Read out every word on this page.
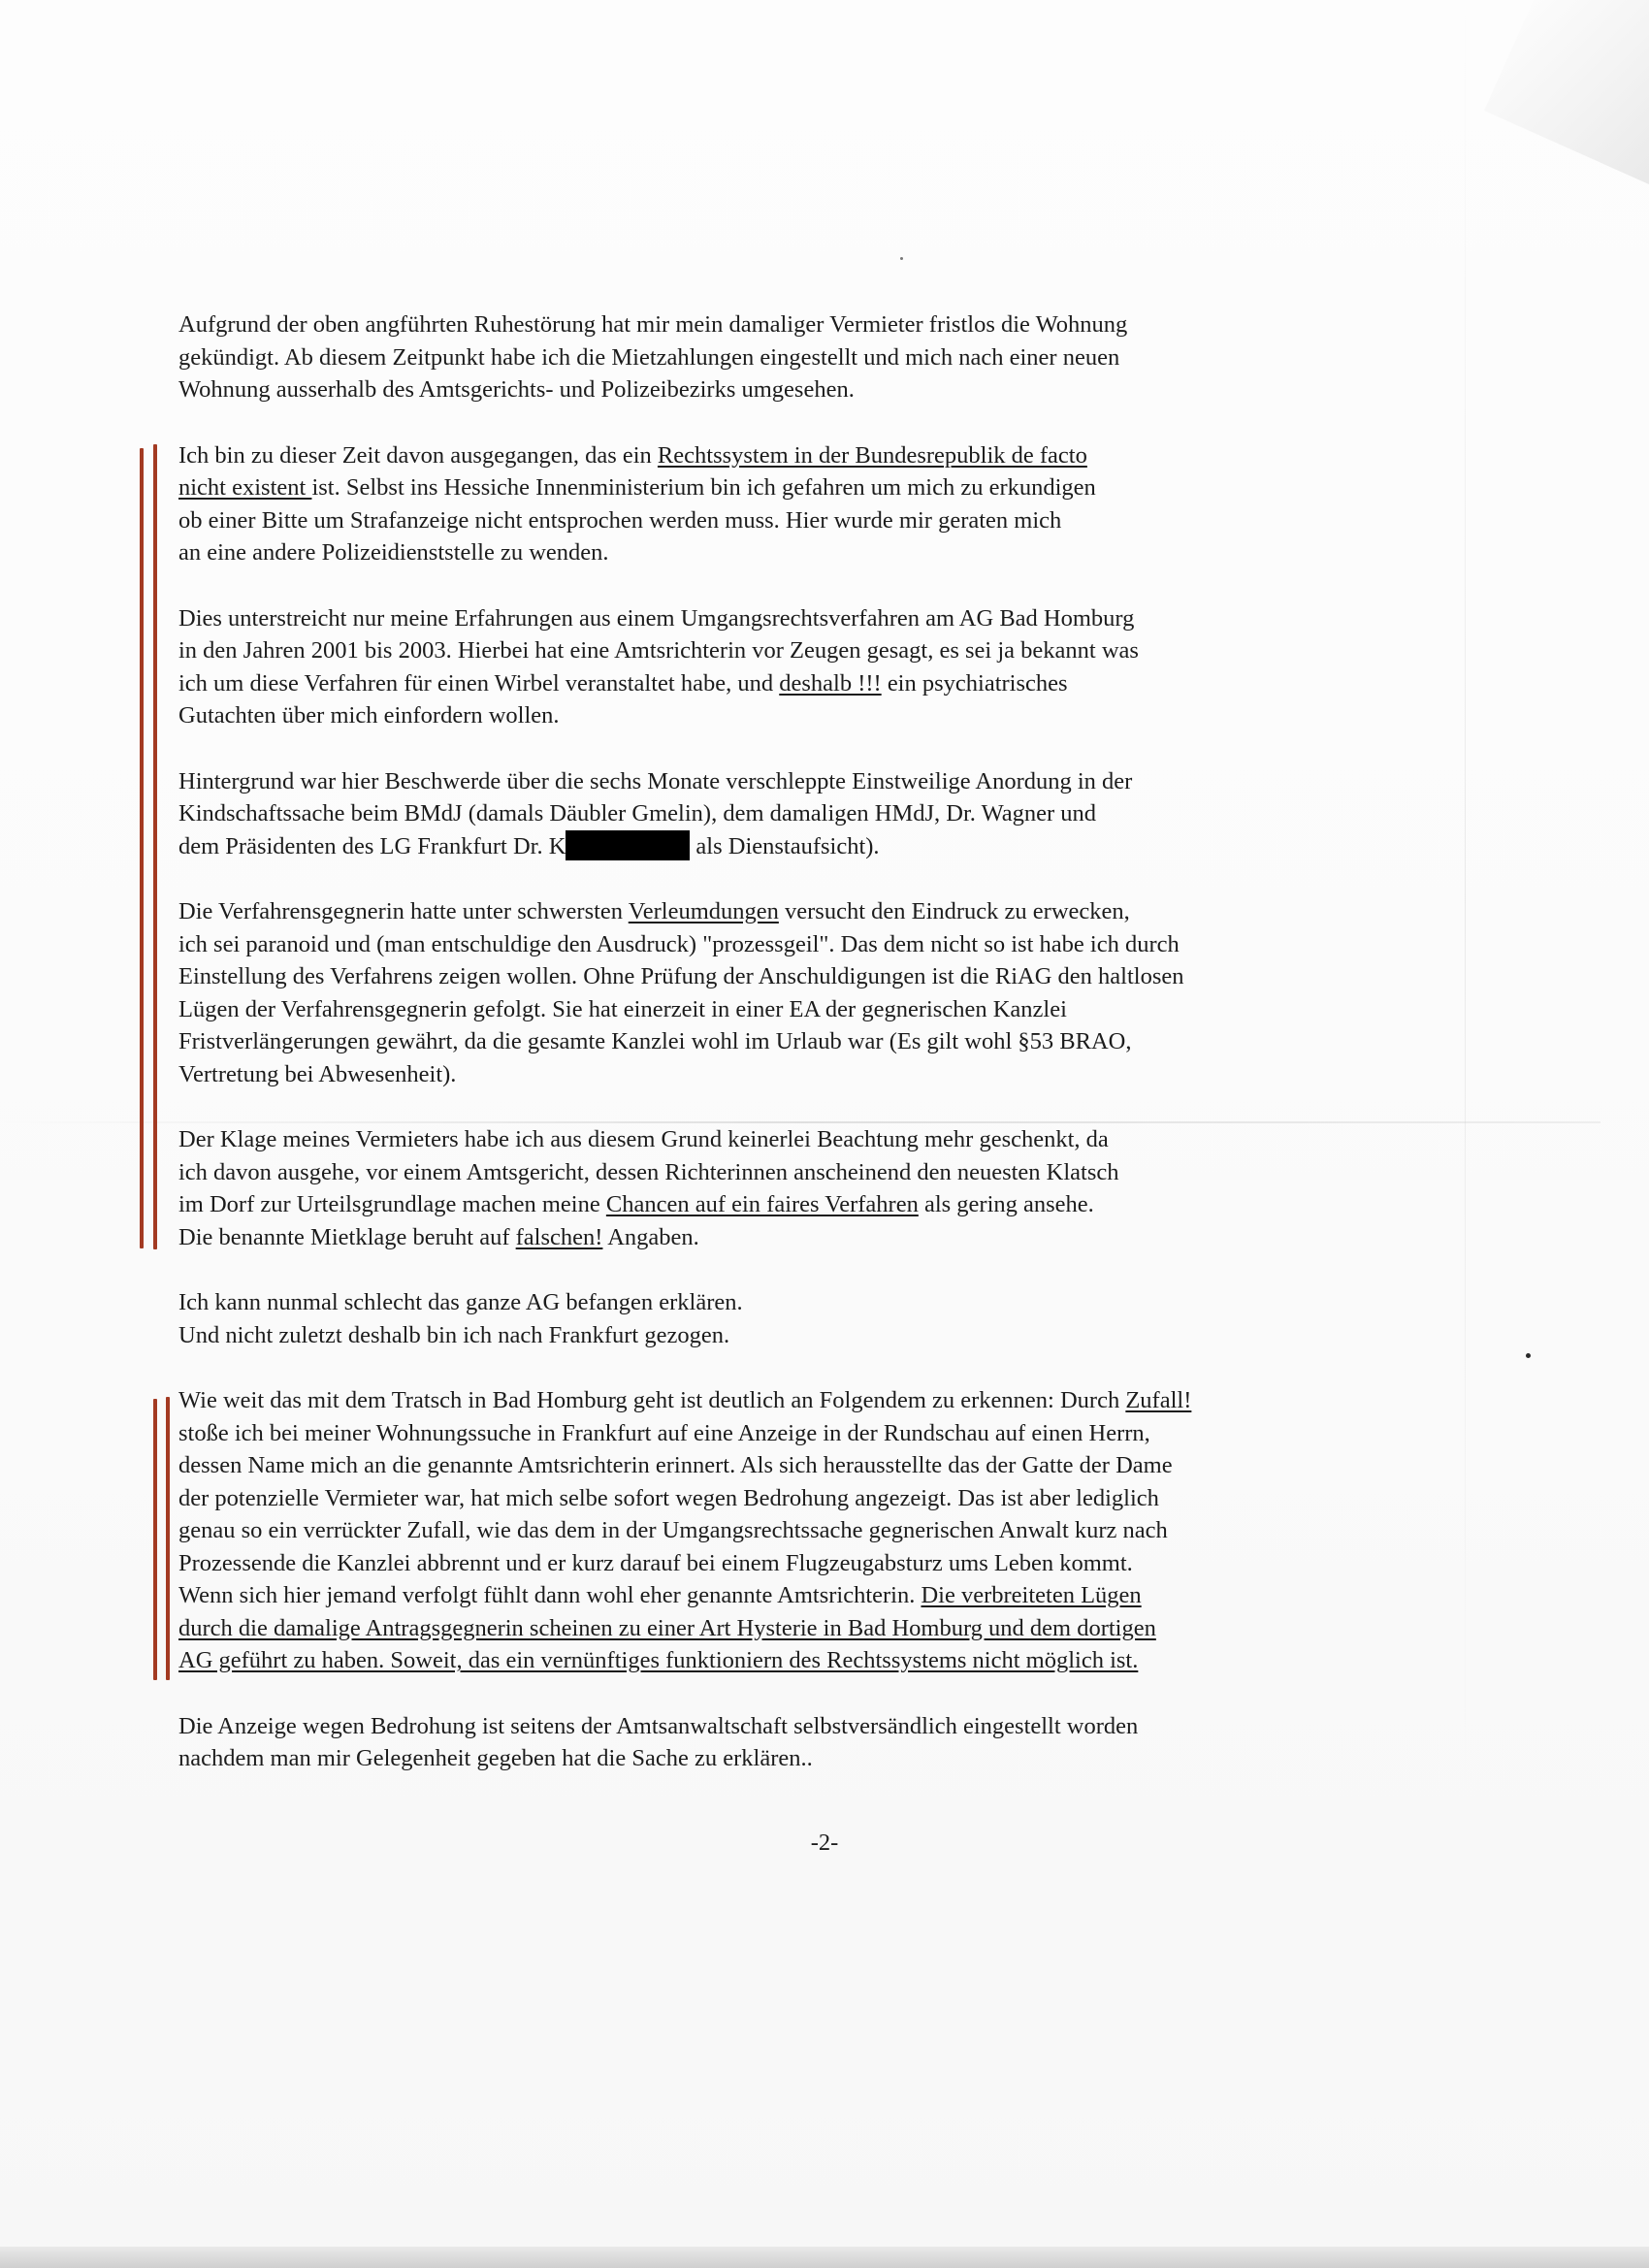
Aufgrund der oben angführten Ruhestörung hat mir mein damaliger Vermieter fristlos die Wohnung
gekündigt. Ab diesem Zeitpunkt habe ich die Mietzahlungen eingestellt und mich nach einer neuen
Wohnung ausserhalb des Amtsgerichts- und Polizeibezirks umgesehen.

Ich bin zu dieser Zeit davon ausgegangen, das ein Rechtssystem in der Bundesrepublik de facto
nicht existent ist. Selbst ins Hessiche Innenministerium bin ich gefahren um mich zu erkundigen
ob einer Bitte um Strafanzeige nicht entsprochen werden muss. Hier wurde mir geraten mich
an eine andere Polizeidienststelle zu wenden.

Dies unterstreicht nur meine Erfahrungen aus einem Umgangsrechtsverfahren am AG Bad Homburg
in den Jahren 2001 bis 2003. Hierbei hat eine Amtsrichterin vor Zeugen gesagt, es sei ja bekannt was
ich um diese Verfahren für einen Wirbel veranstaltet habe, und deshalb !!! ein psychiatrisches
Gutachten über mich einfordern wollen.

Hintergrund war hier Beschwerde über die sechs Monate verschleppte Einstweilige Anordung in der
Kindschaftssache beim BMdJ (damals Däubler Gmelin), dem damaligen HMdJ, Dr. Wagner und
dem Präsidenten des LG Frankfurt Dr. K	als Dienstaufsicht).

Die Verfahrensgegnerin hatte unter schwersten Verleumdungen versucht den Eindruck zu erwecken,
ich sei paranoid und (man entschuldige den Ausdruck) "prozessgeil". Das dem nicht so ist habe ich durch
Einstellung des Verfahrens zeigen wollen. Ohne Prüfung der Anschuldigungen ist die RiAG den haltlosen
Lügen der Verfahrensgegnerin gefolgt. Sie hat einerzeit in einer EA der gegnerischen Kanzlei
Fristverlängerungen gewährt, da die gesamte Kanzlei wohl im Urlaub war (Es gilt wohl §53 BRAO,
Vertretung bei Abwesenheit).

Der Klage meines Vermieters habe ich aus diesem Grund keinerlei Beachtung mehr geschenkt, da
ich davon ausgehe, vor einem Amtsgericht, dessen Richterinnen anscheinend den neuesten Klatsch
im Dorf zur Urteilsgrundlage machen meine Chancen auf ein faires Verfahren als gering ansehe.
Die benannte Mietklage beruht auf falschen! Angaben.

Ich kann nunmal schlecht das ganze AG befangen erklären.
Und nicht zuletzt deshalb bin ich nach Frankfurt gezogen.

Wie weit das mit dem Tratsch in Bad Homburg geht ist deutlich an Folgendem zu erkennen: Durch Zufall!
stoße ich bei meiner Wohnungssuche in Frankfurt auf eine Anzeige in der Rundschau auf einen Herrn,
dessen Name mich an die genannte Amtsrichterin erinnert. Als sich herausstellte das der Gatte der Dame
der potenzielle Vermieter war, hat mich selbe sofort wegen Bedrohung angezeigt. Das ist aber lediglich
genau so ein verrückter Zufall, wie das dem in der Umgangsrechtssache gegnerischen Anwalt kurz nach
Prozessende die Kanzlei abbrennt und er kurz darauf bei einem Flugzeugabsturz ums Leben kommt.
Wenn sich hier jemand verfolgt fühlt dann wohl eher genannte Amtsrichterin. Die verbreiteten Lügen
durch die damalige Antragsgegnerin scheinen zu einer Art Hysterie in Bad Homburg und dem dortigen
AG geführt zu haben. Soweit, das ein vernünftiges funktioniern des Rechtssystems nicht möglich ist.

Die Anzeige wegen Bedrohung ist seitens der Amtsanwaltschaft selbstversändlich eingestellt worden
nachdem man mir Gelegenheit gegeben hat die Sache zu erklären..

-2-
